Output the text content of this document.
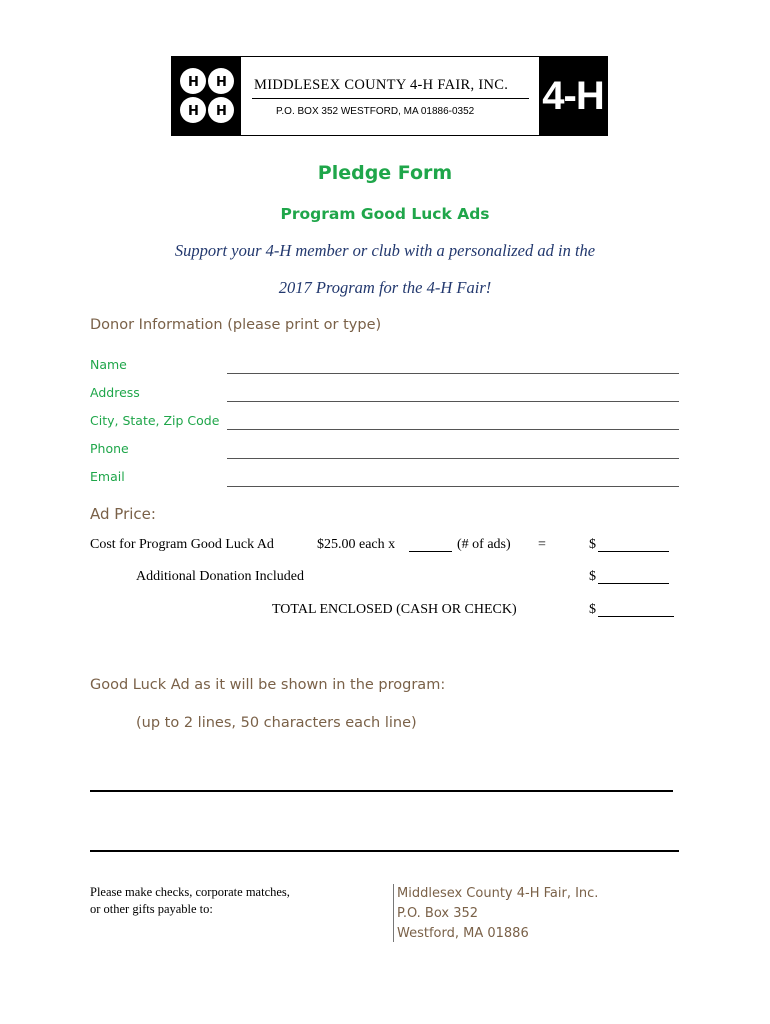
H H
H H
MIDDLESEX COUNTY 4-H FAIR, INC.
P.O. BOX 352 WESTFORD, MA 01886-0352 4-H
Pledge Form
Program Good Luck Ads
Support your 4-H member or club with a personalized ad in the
2017 Program for the 4-H Fair!
Donor Information (please print or type)
Name
Address
City, State, Zip Code
Phone
Email
Ad Price:
Cost for Program Good Luck Ad	$25.00 each x	(# of ads) =	$
Additional Donation Included	$
TOTAL ENCLOSED (CASH OR CHECK)	$
Good Luck Ad as it will be shown in the program:
(up to 2 lines, 50 characters each line)
Please make checks, corporate matches,
or other gifts payable to:
Middlesex County 4-H Fair, Inc.
P.O. Box 352
Westford, MA 01886
